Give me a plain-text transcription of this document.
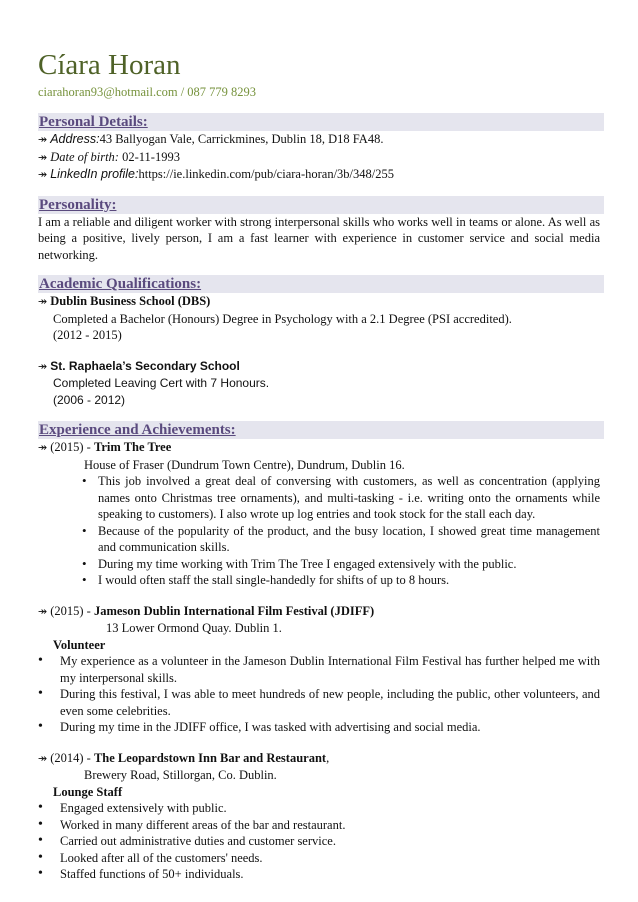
Cíara Horan
ciarahoran93@hotmail.com / 087 779 8293
Personal Details:
↠ Address:43 Ballyogan Vale, Carrickmines, Dublin 18, D18 FA48.
↠ Date of birth: 02-11-1993
↠ LinkedIn profile:https://ie.linkedin.com/pub/ciara-horan/3b/348/255
Personality:
I am a reliable and diligent worker with strong interpersonal skills who works well in teams or alone. As well as being a positive, lively person, I am a fast learner with experience in customer service and social media networking.
Academic Qualifications:
↠ Dublin Business School (DBS)
Completed a Bachelor (Honours) Degree in Psychology with a 2.1 Degree (PSI accredited).
(2012 - 2015)
↠ St. Raphaela’s Secondary School
Completed Leaving Cert with 7 Honours.
(2006 - 2012)
Experience and Achievements:
↠ (2015) - Trim The Tree
House of Fraser (Dundrum Town Centre), Dundrum, Dublin 16.
• This job involved a great deal of conversing with customers, as well as concentration (applying names onto Christmas tree ornaments), and multi-tasking - i.e. writing onto the ornaments while speaking to customers). I also wrote up log entries and took stock for the stall each day.
• Because of the popularity of the product, and the busy location, I showed great time management and communication skills.
• During my time working with Trim The Tree I engaged extensively with the public.
• I would often staff the stall single-handedly for shifts of up to 8 hours.
↠ (2015) - Jameson Dublin International Film Festival (JDIFF)
13 Lower Ormond Quay. Dublin 1.
Volunteer
• My experience as a volunteer in the Jameson Dublin International Film Festival has further helped me with my interpersonal skills.
• During this festival, I was able to meet hundreds of new people, including the public, other volunteers, and even some celebrities.
• During my time in the JDIFF office, I was tasked with advertising and social media.
↠ (2014) - The Leopardstown Inn Bar and Restaurant,
Brewery Road, Stillorgan, Co. Dublin.
Lounge Staff
• Engaged extensively with public.
• Worked in many different areas of the bar and restaurant.
• Carried out administrative duties and customer service.
• Looked after all of the customers' needs.
• Staffed functions of 50+ individuals.
